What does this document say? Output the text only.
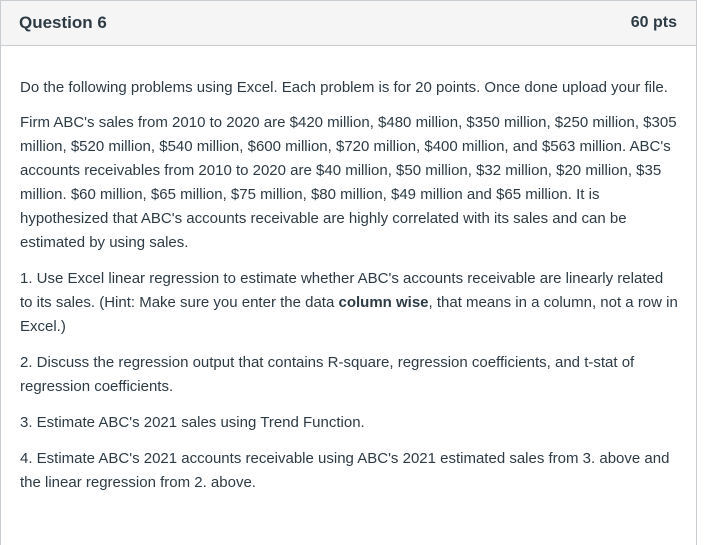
Question 6	60 pts

Do the following problems using Excel. Each problem is for 20 points. Once done upload your file.

Firm ABC's sales from 2010 to 2020 are $420 million, $480 million, $350 million, $250 million, $305 million, $520 million, $540 million, $600 million, $720 million, $400 million, and $563 million. ABC's accounts receivables from 2010 to 2020 are $40 million, $50 million, $32 million, $20 million, $35 million. $60 million, $65 million, $75 million, $80 million, $49 million and $65 million. It is hypothesized that ABC's accounts receivable are highly correlated with its sales and can be estimated by using sales.

1. Use Excel linear regression to estimate whether ABC's accounts receivable are linearly related to its sales. (Hint: Make sure you enter the data column wise, that means in a column, not a row in Excel.)

2. Discuss the regression output that contains R-square, regression coefficients, and t-stat of regression coefficients.

3. Estimate ABC's 2021 sales using Trend Function.

4. Estimate ABC's 2021 accounts receivable using ABC's 2021 estimated sales from 3. above and the linear regression from 2. above.
